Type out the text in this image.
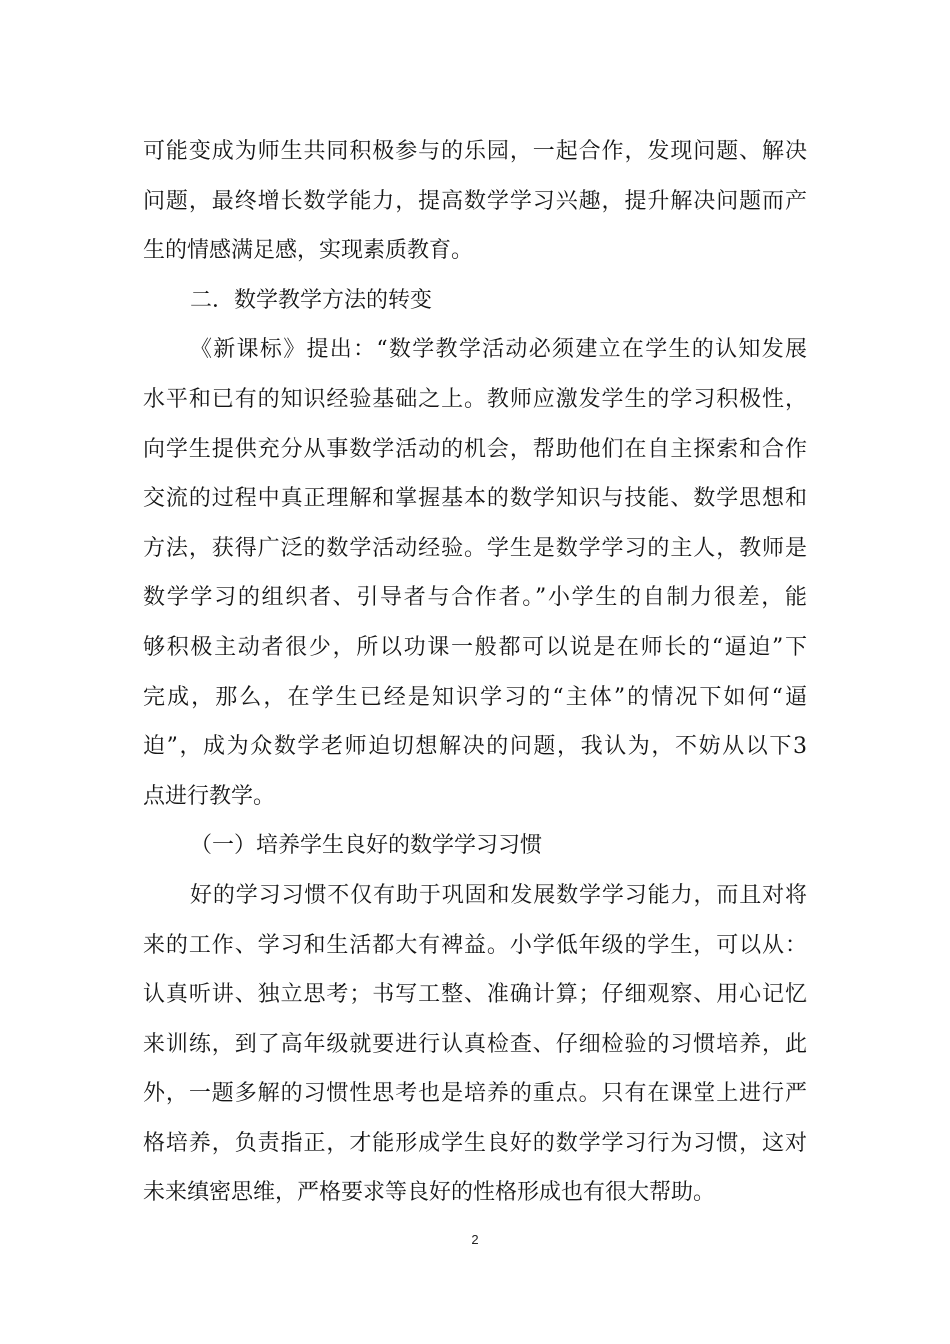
可能变成为师生共同积极参与的乐园，一起合作，发现问题、解决
问题，最终增长数学能力，提高数学学习兴趣，提升解决问题而产
生的情感满足感，实现素质教育。
二．数学教学方法的转变
《新课标》提出：“数学教学活动必须建立在学生的认知发展
水平和已有的知识经验基础之上。教师应激发学生的学习积极性，
向学生提供充分从事数学活动的机会，帮助他们在自主探索和合作
交流的过程中真正理解和掌握基本的数学知识与技能、数学思想和
方法，获得广泛的数学活动经验。学生是数学学习的主人，教师是
数学学习的组织者、引导者与合作者。”小学生的自制力很差，能
够积极主动者很少，所以功课一般都可以说是在师长的“逼迫”下
完成，那么，在学生已经是知识学习的“主体”的情况下如何“逼
迫”，成为众数学老师迫切想解决的问题，我认为，不妨从以下3
点进行教学。
（一）培养学生良好的数学学习习惯
好的学习习惯不仅有助于巩固和发展数学学习能力，而且对将
来的工作、学习和生活都大有裨益。小学低年级的学生，可以从：
认真听讲、独立思考；书写工整、准确计算；仔细观察、用心记忆
来训练，到了高年级就要进行认真检查、仔细检验的习惯培养，此
外，一题多解的习惯性思考也是培养的重点。只有在课堂上进行严
格培养，负责指正，才能形成学生良好的数学学习行为习惯，这对
未来缜密思维，严格要求等良好的性格形成也有很大帮助。
2
